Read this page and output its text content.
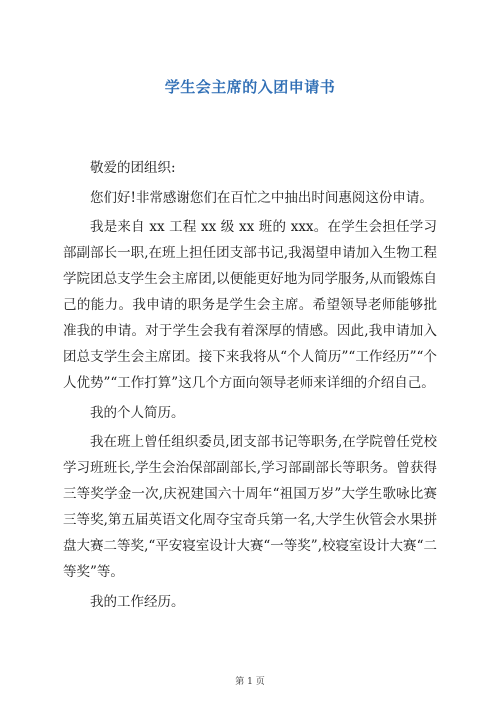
学生会主席的入团申请书

敬爱的团组织:

您们好!非常感谢您们在百忙之中抽出时间惠阅这份申请。

我是来自 xx 工程 xx 级 xx 班的 xxx。在学生会担任学习部副部长一职,在班上担任团支部书记,我渴望申请加入生物工程学院团总支学生会主席团,以便能更好地为同学服务,从而锻炼自己的能力。我申请的职务是学生会主席。希望领导老师能够批准我的申请。对于学生会我有着深厚的情感。因此,我申请加入团总支学生会主席团。接下来我将从“个人简历”“工作经历”“个人优势”“工作打算”这几个方面向领导老师来详细的介绍自己。

我的个人简历。

我在班上曾任组织委员,团支部书记等职务,在学院曾任党校学习班班长,学生会治保部副部长,学习部副部长等职务。曾获得三等奖学金一次,庆祝建国六十周年“祖国万岁”大学生歌咏比赛三等奖,第五届英语文化周夺宝奇兵第一名,大学生伙管会水果拼盘大赛二等奖,“平安寝室设计大赛“一等奖”,校寝室设计大赛“二等奖”等。

我的工作经历。

第 1 页
